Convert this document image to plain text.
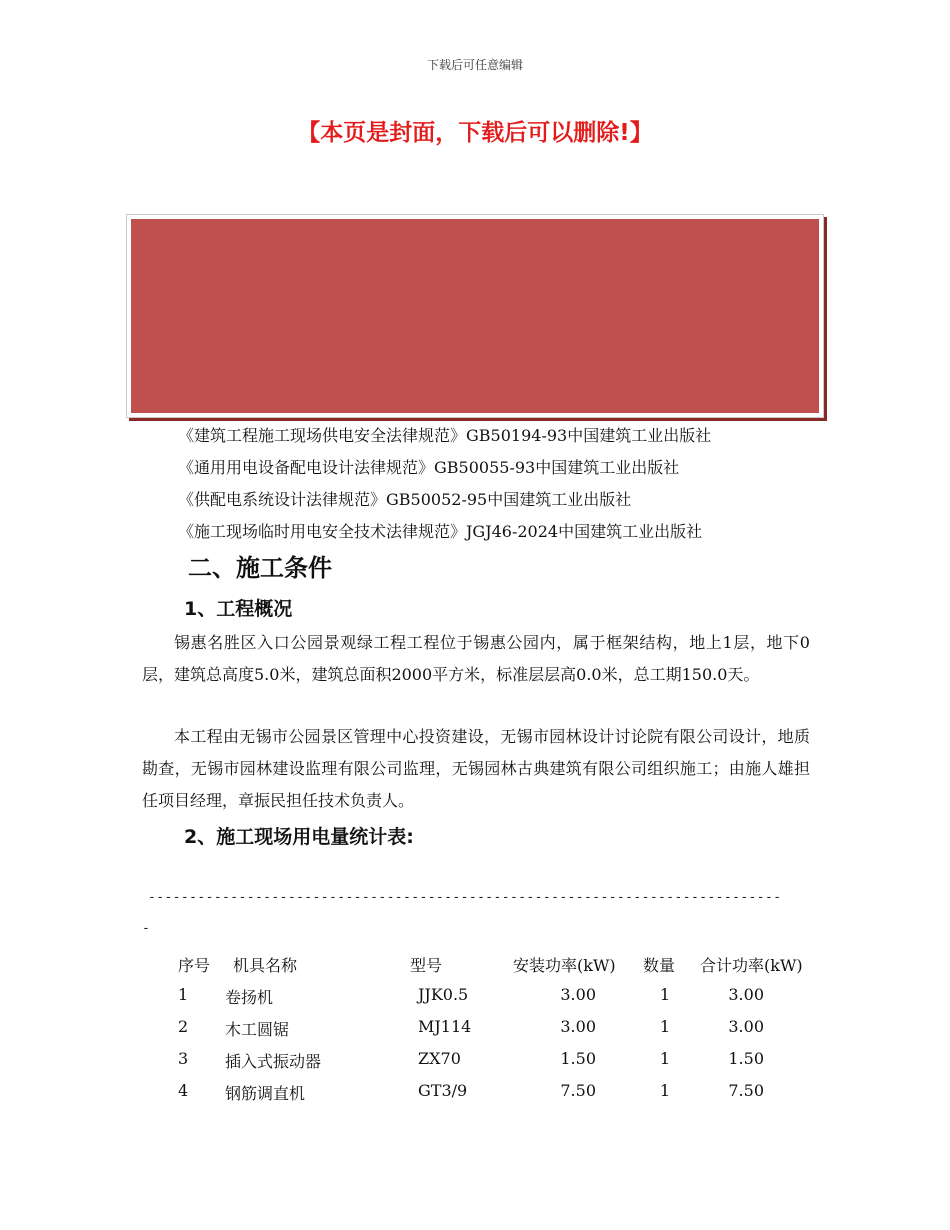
下载后可任意编辑
【本页是封面，下载后可以删除!】
《建筑工程施工现场供电安全法律规范》GB50194-93中国建筑工业出版社
《通用用电设备配电设计法律规范》GB50055-93中国建筑工业出版社
《供配电系统设计法律规范》GB50052-95中国建筑工业出版社
《施工现场临时用电安全技术法律规范》JGJ46-2024中国建筑工业出版社
二、施工条件
1、工程概况
锡惠名胜区入口公园景观绿工程工程位于锡惠公园内，属于框架结构，地上1层，地下0层，建筑总高度5.0米，建筑总面积2000平方米，标准层层高0.0米，总工期150.0天。
本工程由无锡市公园景区管理中心投资建设，无锡市园林设计讨论院有限公司设计，地质勘查，无锡市园林建设监理有限公司监理，无锡园林古典建筑有限公司组织施工；由施人雄担任项目经理，章振民担任技术负责人。
2、施工现场用电量统计表:
-----------------------------------------------------------------------------
-
序号 机具名称	型号	安装功率(kW) 数量 合计功率(kW)
1 卷扬机	JJK0.5	3.00	1	3.00
2 木工圆锯	MJ114	3.00	1	3.00
3 插入式振动器	ZX70	1.50	1	1.50
4 钢筋调直机	GT3/9	7.50	1	7.50
